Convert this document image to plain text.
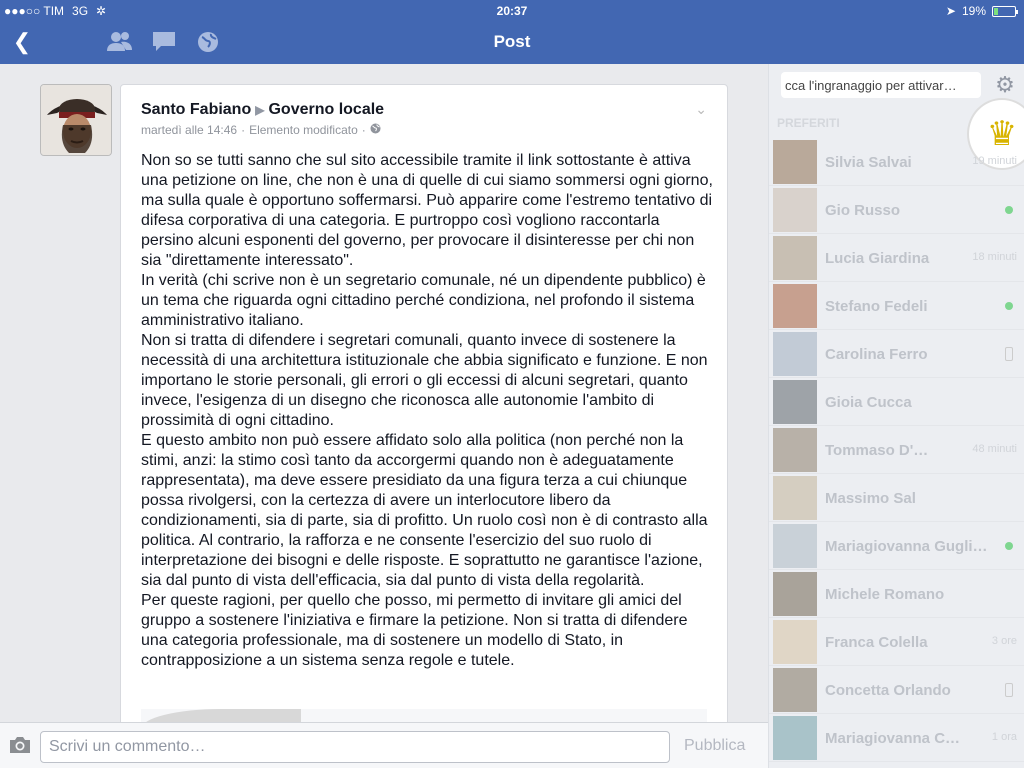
●●●○○ TIM 3G ✲	20:37	➤ 19%
❮	Post
Santo Fabiano ▶ Governo locale
martedì alle 14:46 · Elemento modificato ·
⌄

Non so se tutti sanno che sul sito accessibile tramite il link sottostante è attiva una petizione on line, che non è una di quelle di cui siamo sommersi ogni giorno, ma sulla quale è opportuno soffermarsi. Può apparire come l'estremo tentativo di difesa corporativa di una categoria. E purtroppo così vogliono raccontarla persino alcuni esponenti del governo, per provocare il disinteresse per chi non sia "direttamente interessato".

In verità (chi scrive non è un segretario comunale, né un dipendente pubblico) è un tema che riguarda ogni cittadino perché condiziona, nel profondo il sistema amministrativo italiano.

Non si tratta di difendere i segretari comunali, quanto invece di sostenere la necessità di una architettura istituzionale che abbia significato e funzione. E non importano le storie personali, gli errori o gli eccessi di alcuni segretari, quanto invece, l'esigenza di un disegno che riconosca alle autonomie l'ambito di prossimità di ogni cittadino.

E questo ambito non può essere affidato solo alla politica (non perché non la stimi, anzi: la stimo così tanto da accorgermi quando non è adeguatamente rappresentata), ma deve essere presidiato da una figura terza a cui chiunque possa rivolgersi, con la certezza di avere un interlocutore libero da condizionamenti, sia di parte, sia di profitto. Un ruolo così non è di contrasto alla politica. Al contrario, la rafforza e ne consente l'esercizio del suo ruolo di interpretazione dei bisogni e delle risposte. E soprattutto ne garantisce l'azione, sia dal punto di vista dell'efficacia, sia dal punto di vista della regolarità.

Per queste ragioni, per quello che posso, mi permetto di invitare gli amici del gruppo a sostenere l'iniziativa e firmare la petizione. Non si tratta di difendere una categoria professionale, ma di sostenere un modello di Stato, in contrapposizione a un sistema senza regole e tutele.

Scrivi un commento…
Pubblica
cca l'ingranaggio per attivar…
⚙
PREFERITI	♛
Silvia Salvai	19 minuti
Gio Russo
Lucia Giardina	18 minuti
Stefano Fedeli
Carolina Ferro
Gioia Cucca
Tommaso D'…	48 minuti
Massimo Sal
Mariagiovanna Gugli…
Michele Romano
Franca Colella	3 ore
Concetta Orlando
Mariagiovanna C…	1 ora
